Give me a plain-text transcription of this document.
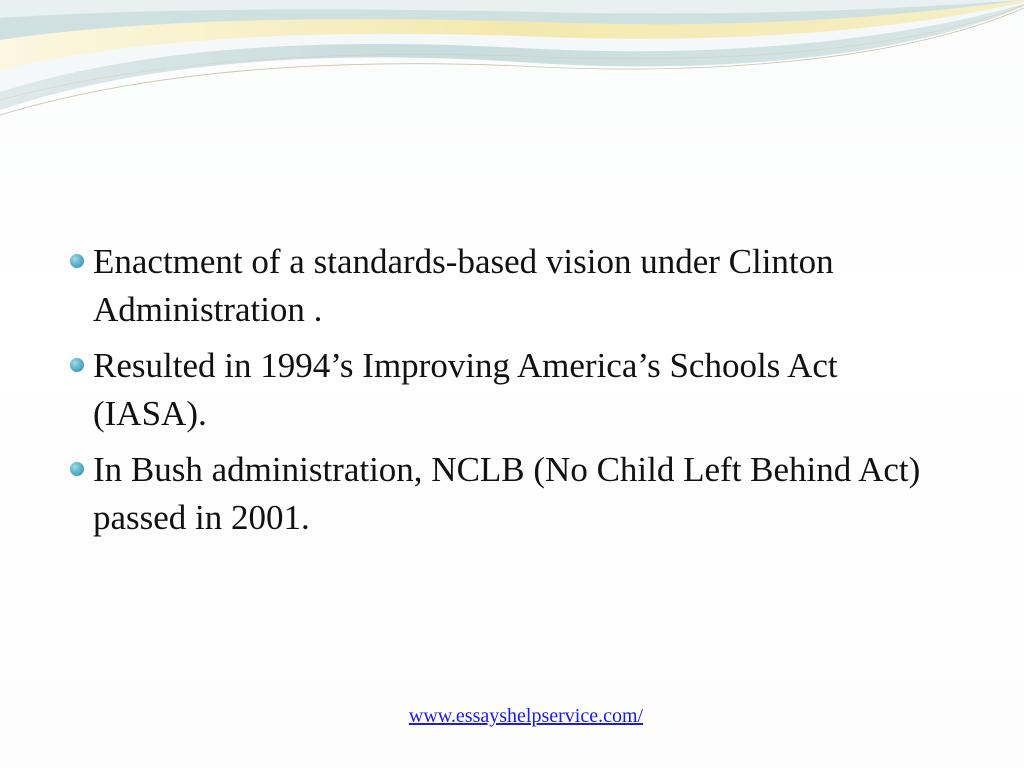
Enactment of a standards-based vision under Clinton Administration .
Resulted in 1994’s Improving America’s Schools Act (IASA).
In Bush administration, NCLB (No Child Left Behind Act) passed in 2001.
www.essayshelpservice.com/
